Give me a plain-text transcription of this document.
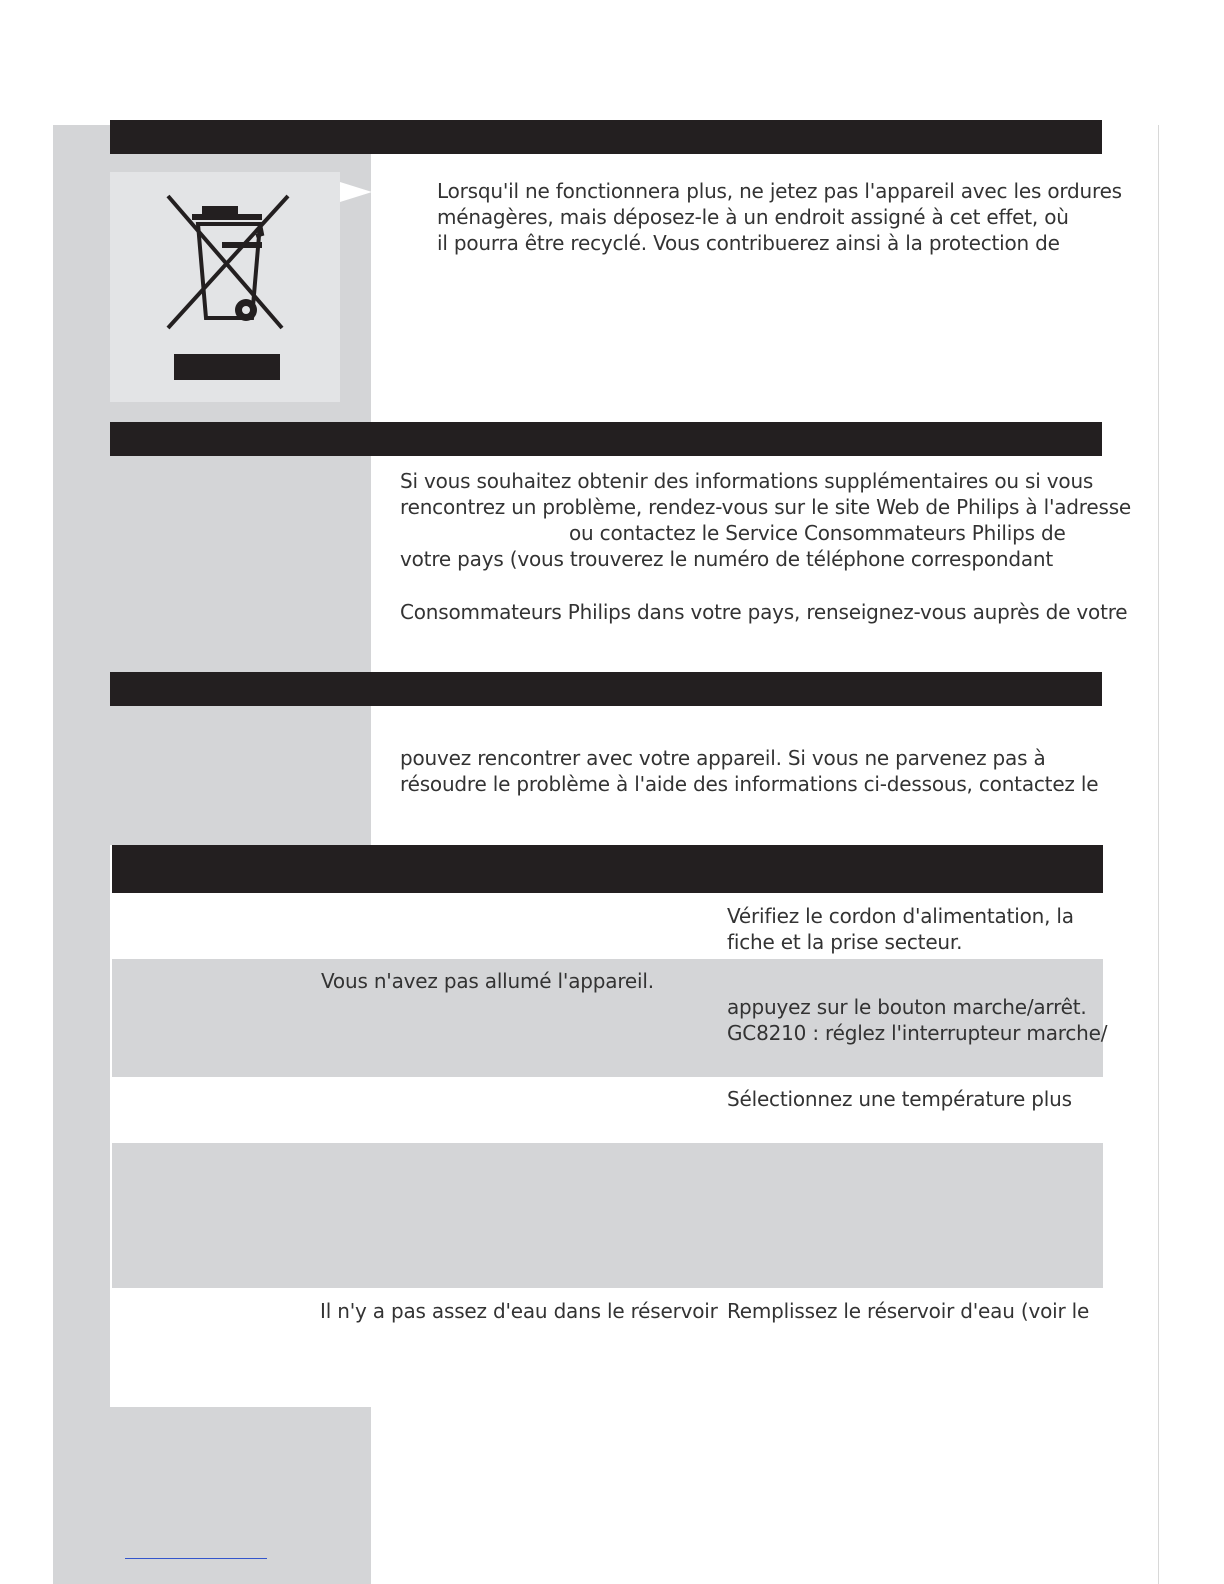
Lorsqu'il ne fonctionnera plus, ne jetez pas l'appareil avec les ordures
ménagères, mais déposez-le à un endroit assigné à cet effet, où
il pourra être recyclé. Vous contribuerez ainsi à la protection de
Si vous souhaitez obtenir des informations supplémentaires ou si vous
rencontrez un problème, rendez-vous sur le site Web de Philips à l'adresse
ou contactez le Service Consommateurs Philips de
votre pays (vous trouverez le numéro de téléphone correspondant
Consommateurs Philips dans votre pays, renseignez-vous auprès de votre
pouvez rencontrer avec votre appareil. Si vous ne parvenez pas à
résoudre le problème à l'aide des informations ci-dessous, contactez le
Vérifiez le cordon d'alimentation, la
fiche et la prise secteur.
Vous n'avez pas allumé l'appareil.
appuyez sur le bouton marche/arrêt.
GC8210 : réglez l'interrupteur marche/
Sélectionnez une température plus
Il n'y a pas assez d'eau dans le réservoir Remplissez le réservoir d'eau (voir le
